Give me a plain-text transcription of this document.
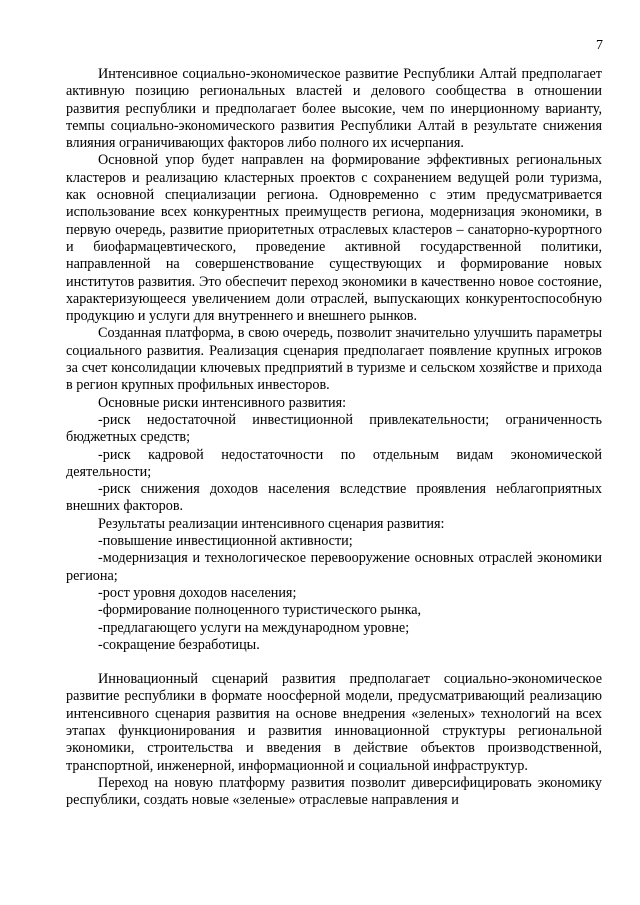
7

Интенсивное социально-экономическое развитие Республики Алтай предполагает активную позицию региональных властей и делового сообщества в отношении развития республики и предполагает более высокие, чем по инерционному варианту, темпы социально-экономического развития Республики Алтай в результате снижения влияния ограничивающих факторов либо полного их исчерпания.

Основной упор будет направлен на формирование эффективных региональных кластеров и реализацию кластерных проектов с сохранением ведущей роли туризма, как основной специализации региона. Одновременно с этим предусматривается использование всех конкурентных преимуществ региона, модернизация экономики, в первую очередь, развитие приоритетных отраслевых кластеров – санаторно-курортного и биофармацевтического, проведение активной государственной политики, направленной на совершенствование существующих и формирование новых институтов развития. Это обеспечит переход экономики в качественно новое состояние, характеризующееся увеличением доли отраслей, выпускающих конкурентоспособную продукцию и услуги для внутреннего и внешнего рынков.

Созданная платформа, в свою очередь, позволит значительно улучшить параметры социального развития. Реализация сценария предполагает появление крупных игроков за счет консолидации ключевых предприятий в туризме и сельском хозяйстве и прихода в регион крупных профильных инвесторов.

Основные риски интенсивного развития:

-риск недостаточной инвестиционной привлекательности; ограниченность бюджетных средств;

-риск кадровой недостаточности по отдельным видам экономической деятельности;

-риск снижения доходов населения вследствие проявления неблагоприятных внешних факторов.

Результаты реализации интенсивного сценария развития:

-повышение инвестиционной активности;

-модернизация и технологическое перевооружение основных отраслей экономики региона;

-рост уровня доходов населения;

-формирование полноценного туристического рынка,

-предлагающего услуги на международном уровне;

-сокращение безработицы.

Инновационный сценарий развития предполагает социально-экономическое развитие республики в формате ноосферной модели, предусматривающий реализацию интенсивного сценария развития на основе внедрения «зеленых» технологий на всех этапах функционирования и развития инновационной структуры региональной экономики, строительства и введения в действие объектов производственной, транспортной, инженерной, информационной и социальной инфраструктур.

Переход на новую платформу развития позволит диверсифицировать экономику республики, создать новые «зеленые» отраслевые направления и
